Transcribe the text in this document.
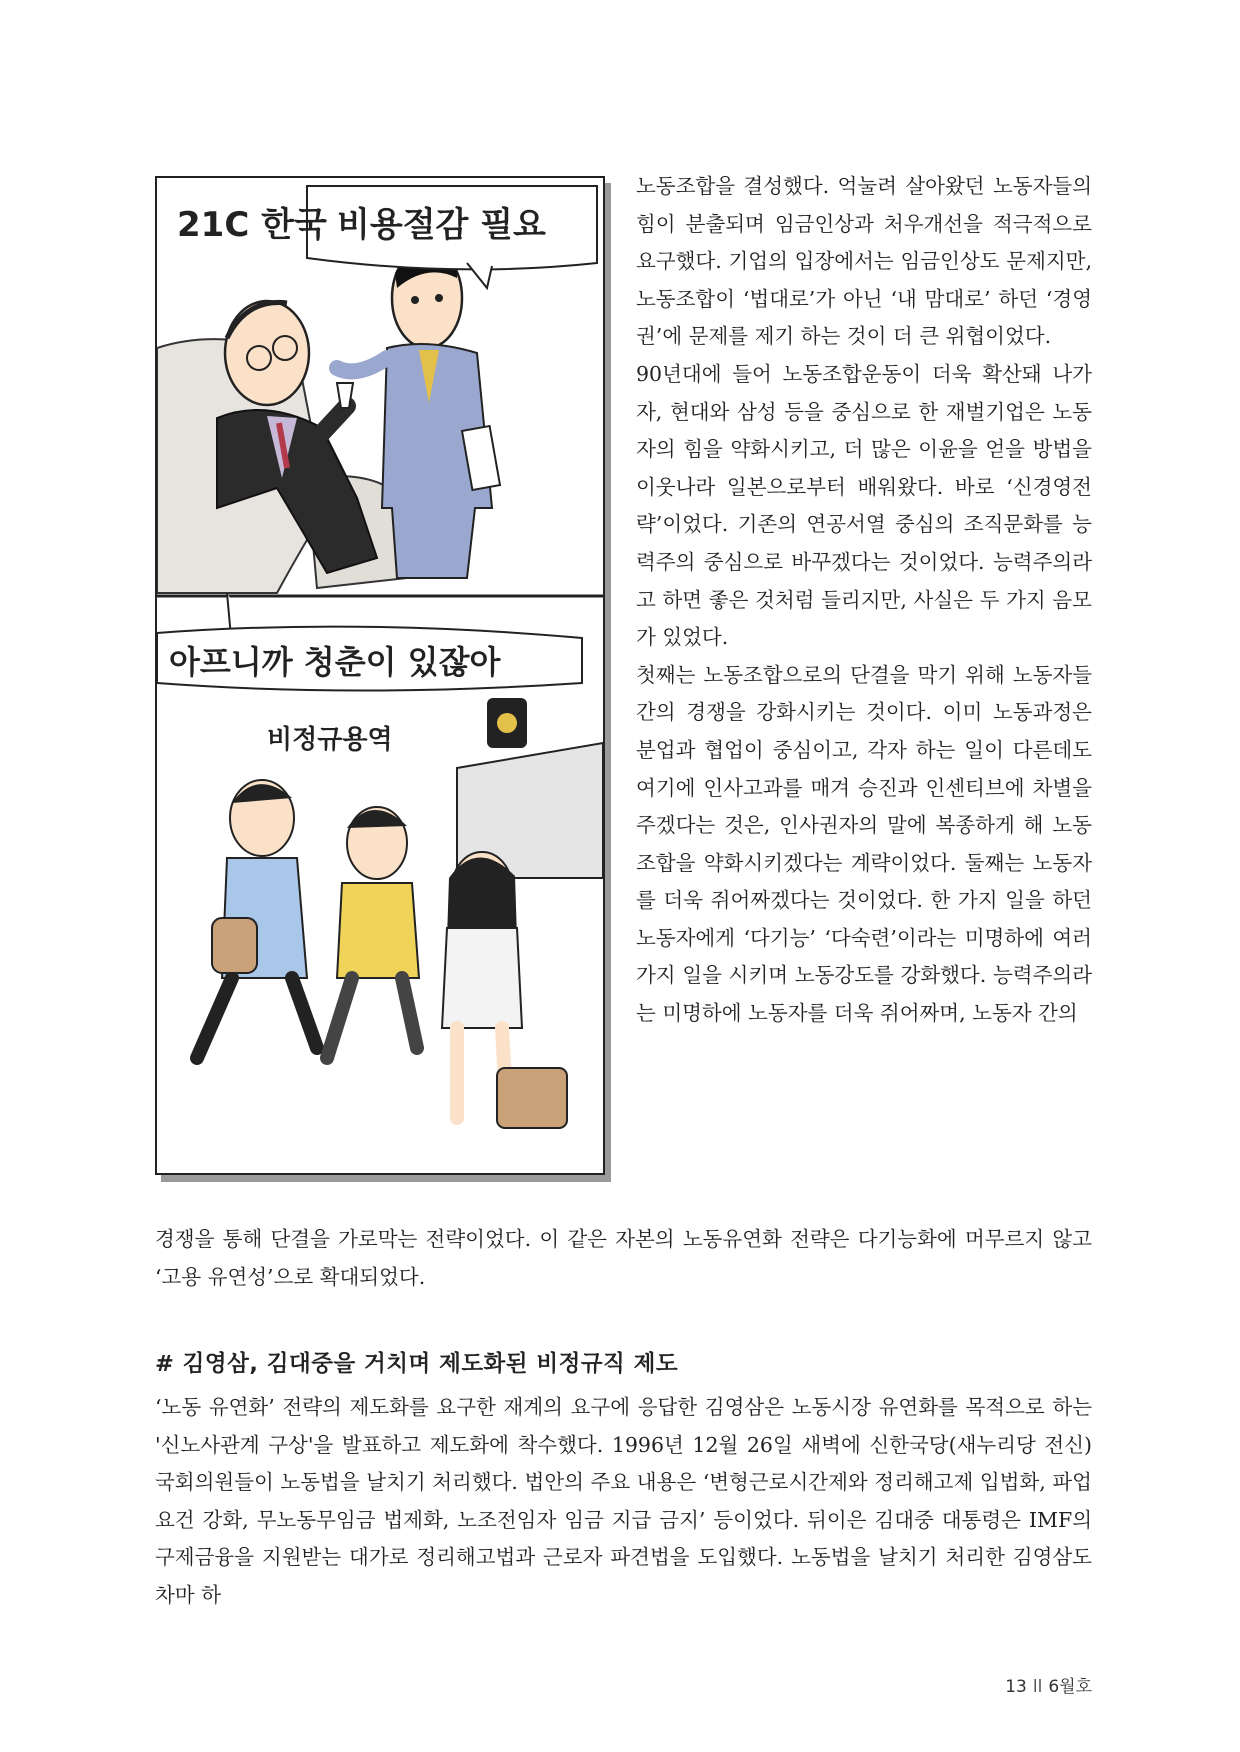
21C 한국 비용절감 필요
아프니까 청춘이 있잖아
비정규용역

노동조합을 결성했다. 억눌려 살아왔던 노동자들의 힘이 분출되며 임금인상과 처우개선을 적극적으로 요구했다. 기업의 입장에서는 임금인상도 문제지만, 노동조합이 ‘법대로’가 아닌 ‘내 맘대로’ 하던 ‘경영권’에 문제를 제기 하는 것이 더 큰 위협이었다.

90년대에 들어 노동조합운동이 더욱 확산돼 나가자, 현대와 삼성 등을 중심으로 한 재벌기업은 노동자의 힘을 약화시키고, 더 많은 이윤을 얻을 방법을 이웃나라 일본으로부터 배워왔다. 바로 ‘신경영전략’이었다. 기존의 연공서열 중심의 조직문화를 능력주의 중심으로 바꾸겠다는 것이었다. 능력주의라고 하면 좋은 것처럼 들리지만, 사실은 두 가지 음모가 있었다.

첫째는 노동조합으로의 단결을 막기 위해 노동자들 간의 경쟁을 강화시키는 것이다. 이미 노동과정은 분업과 협업이 중심이고, 각자 하는 일이 다른데도 여기에 인사고과를 매겨 승진과 인센티브에 차별을 주겠다는 것은, 인사권자의 말에 복종하게 해 노동조합을 약화시키겠다는 계략이었다. 둘째는 노동자를 더욱 쥐어짜겠다는 것이었다. 한 가지 일을 하던 노동자에게 ‘다기능’ ‘다숙련’이라는 미명하에 여러 가지 일을 시키며 노동강도를 강화했다. 능력주의라는 미명하에 노동자를 더욱 쥐어짜며, 노동자 간의

경쟁을 통해 단결을 가로막는 전략이었다. 이 같은 자본의 노동유연화 전략은 다기능화에 머무르지 않고 ‘고용 유연성’으로 확대되었다.

# 김영삼, 김대중을 거치며 제도화된 비정규직 제도

‘노동 유연화’ 전략의 제도화를 요구한 재계의 요구에 응답한 김영삼은 노동시장 유연화를 목적으로 하는 '신노사관계 구상'을 발표하고 제도화에 착수했다. 1996년 12월 26일 새벽에 신한국당(새누리당 전신) 국회의원들이 노동법을 날치기 처리했다. 법안의 주요 내용은 ‘변형근로시간제와 정리해고제 입법화, 파업 요건 강화, 무노동무임금 법제화, 노조전임자 임금 지급 금지’ 등이었다. 뒤이은 김대중 대통령은 IMF의 구제금융을 지원받는 대가로 정리해고법과 근로자 파견법을 도입했다. 노동법을 날치기 처리한 김영삼도 차마 하

13 ll 6월호
